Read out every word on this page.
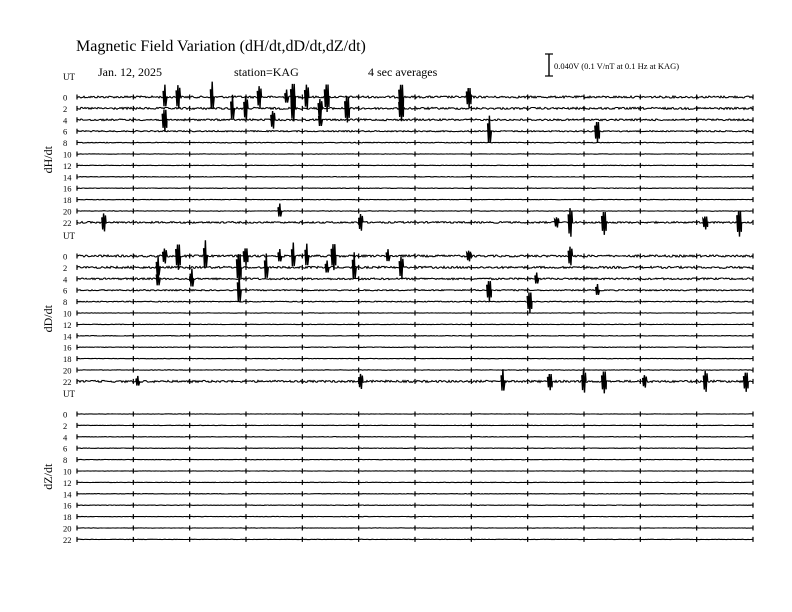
Magnetic Field Variation (dH/dt,dD/dt,dZ/dt)
Jan. 12, 2025	station=KAG	4 sec averages	0.040V (0.1 V/nT at 0.1 Hz at KAG)
UT
dH/dt
0
2
4
6
8
10
12
14
16
18
20
22
UT
dD/dt
0
2
4
6
8
10
12
14
16
18
20
22
UT
dZ/dt
0
2
4
6
8
10
12
14
16
18
20
22
